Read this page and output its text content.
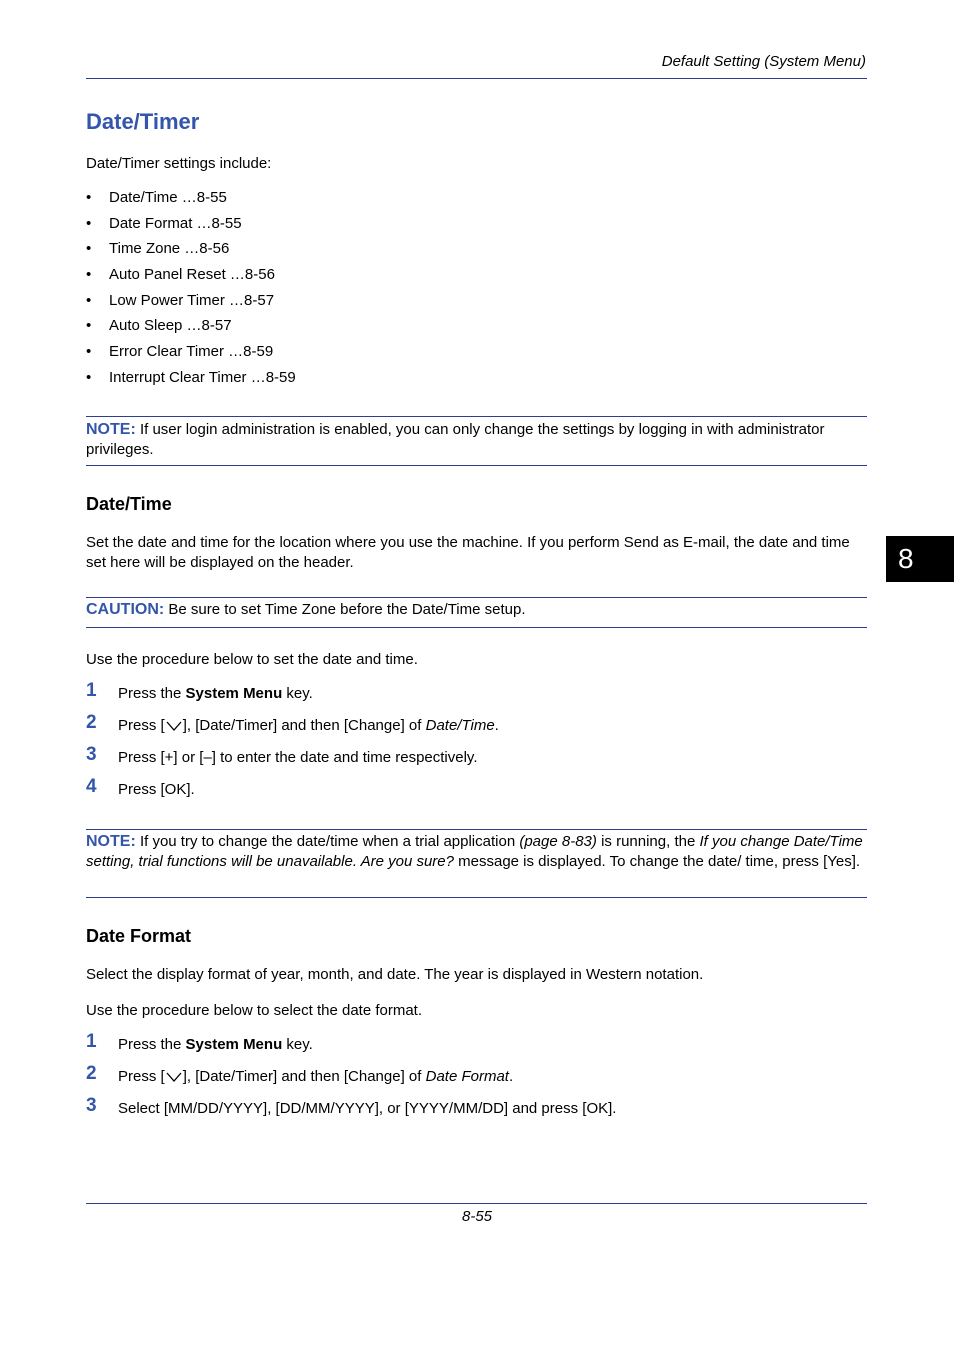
Default Setting (System Menu)
Date/Timer
Date/Timer settings include:
• Date/Time …8-55
• Date Format …8-55
• Time Zone …8-56
• Auto Panel Reset …8-56
• Low Power Timer …8-57
• Auto Sleep …8-57
• Error Clear Timer …8-59
• Interrupt Clear Timer …8-59
NOTE: If user login administration is enabled, you can only change the settings by logging in with administrator privileges.
Date/Time
Set the date and time for the location where you use the machine. If you perform Send as E-mail, the date and time set here will be displayed on the header.
CAUTION: Be sure to set Time Zone before the Date/Time setup.
Use the procedure below to set the date and time.
1 Press the System Menu key.
2 Press [ ], [Date/Timer] and then [Change] of Date/Time.
3 Press [+] or [–] to enter the date and time respectively.
4 Press [OK].
NOTE: If you try to change the date/time when a trial application (page 8-83) is running, the If you change Date/Time setting, trial functions will be unavailable. Are you sure? message is displayed. To change the date/ time, press [Yes].
Date Format
Select the display format of year, month, and date. The year is displayed in Western notation.
Use the procedure below to select the date format.
1 Press the System Menu key.
2 Press [ ], [Date/Timer] and then [Change] of Date Format.
3 Select [MM/DD/YYYY], [DD/MM/YYYY], or [YYYY/MM/DD] and press [OK].
8-55
8
